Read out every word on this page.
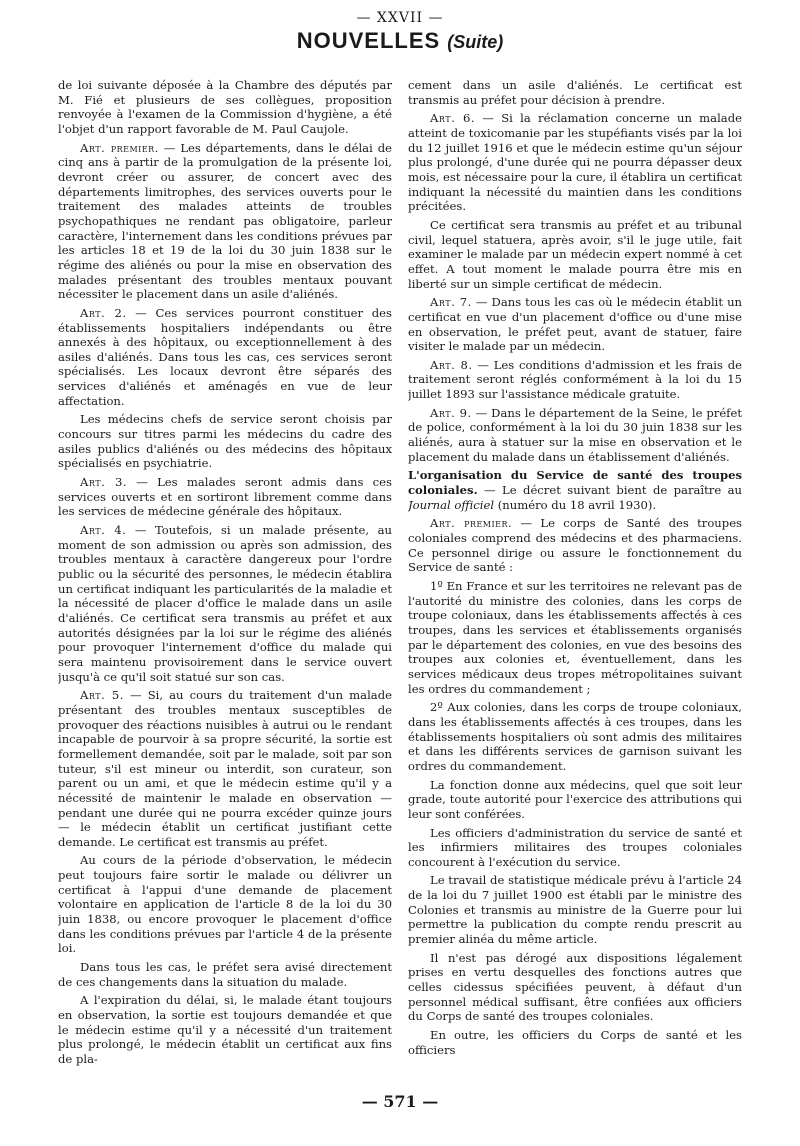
— XXVII —
NOUVELLES (Suite)

de loi suivante déposée à la Chambre des députés par M. Fié et plusieurs de ses collègues, proposition renvoyée à l'examen de la Commission d'hygiène, a été l'objet d'un rapport favorable de M. Paul Caujole.

Art. premier. — Les départements, dans le délai de cinq ans à partir de la promulgation de la présente loi, devront créer ou assurer, de concert avec des départements limitrophes, des services ouverts pour le traitement des malades atteints de troubles psychopathiques ne rendant pas obligatoire, parleur caractère, l'internement dans les conditions prévues par les articles 18 et 19 de la loi du 30 juin 1838 sur le régime des aliénés ou pour la mise en observation des malades présentant des troubles mentaux pouvant nécessiter le placement dans un asile d'aliénés.

Art. 2. — Ces services pourront constituer des établissements hospitaliers indépendants ou être annexés à des hôpitaux, ou exceptionnellement à des asiles d'aliénés. Dans tous les cas, ces services seront spécialisés. Les locaux devront être séparés des services d'aliénés et aménagés en vue de leur affectation.

Les médecins chefs de service seront choisis par concours sur titres parmi les médecins du cadre des asiles publics d'aliénés ou des médecins des hôpitaux spécialisés en psychiatrie.

Art. 3. — Les malades seront admis dans ces services ouverts et en sortiront librement comme dans les services de médecine générale des hôpitaux.

Art. 4. — Toutefois, si un malade présente, au moment de son admission ou après son admission, des troubles mentaux à caractère dangereux pour l'ordre public ou la sécurité des personnes, le médecin établira un certificat indiquant les particularités de la maladie et la nécessité de placer d'office le malade dans un asile d'aliénés. Ce certificat sera transmis au préfet et aux autorités désignées par la loi sur le régime des aliénés pour provoquer l'internement d'office du malade qui sera maintenu provisoirement dans le service ouvert jusqu'à ce qu'il soit statué sur son cas.

Art. 5. — Si, au cours du traitement d'un malade présentant des troubles mentaux susceptibles de provoquer des réactions nuisibles à autrui ou le rendant incapable de pourvoir à sa propre sécurité, la sortie est formellement demandée, soit par le malade, soit par son tuteur, s'il est mineur ou interdit, son curateur, son parent ou un ami, et que le médecin estime qu'il y a nécessité de maintenir le malade en observation — pendant une durée qui ne pourra excéder quinze jours — le médecin établit un certificat justifiant cette demande. Le certificat est transmis au préfet.

Au cours de la période d'observation, le médecin peut toujours faire sortir le malade ou délivrer un certificat à l'appui d'une demande de placement volontaire en application de l'article 8 de la loi du 30 juin 1838, ou encore provoquer le placement d'office dans les conditions prévues par l'article 4 de la présente loi.

Dans tous les cas, le préfet sera avisé directement de ces changements dans la situation du malade.

A l'expiration du délai, si, le malade étant toujours en observation, la sortie est toujours demandée et que le médecin estime qu'il y a nécessité d'un traitement plus prolongé, le médecin établit un certificat aux fins de pla-

cement dans un asile d'aliénés. Le certificat est transmis au préfet pour décision à prendre.

Art. 6. — Si la réclamation concerne un malade atteint de toxicomanie par les stupéfiants visés par la loi du 12 juillet 1916 et que le médecin estime qu'un séjour plus prolongé, d'une durée qui ne pourra dépasser deux mois, est nécessaire pour la cure, il établira un certificat indiquant la nécessité du maintien dans les conditions précitées.

Ce certificat sera transmis au préfet et au tribunal civil, lequel statuera, après avoir, s'il le juge utile, fait examiner le malade par un médecin expert nommé à cet effet. A tout moment le malade pourra être mis en liberté sur un simple certificat de médecin.

Art. 7. — Dans tous les cas où le médecin établit un certificat en vue d'un placement d'office ou d'une mise en observation, le préfet peut, avant de statuer, faire visiter le malade par un médecin.

Art. 8. — Les conditions d'admission et les frais de traitement seront réglés conformément à la loi du 15 juillet 1893 sur l'assistance médicale gratuite.

Art. 9. — Dans le département de la Seine, le préfet de police, conformément à la loi du 30 juin 1838 sur les aliénés, aura à statuer sur la mise en observation et le placement du malade dans un établissement d'aliénés.

L'organisation du Service de santé des troupes coloniales. — Le décret suivant bient de paraître au Journal officiel (numéro du 18 avril 1930).

Art. premier. — Le corps de Santé des troupes coloniales comprend des médecins et des pharmaciens. Ce personnel dirige ou assure le fonctionnement du Service de santé :

1º En France et sur les territoires ne relevant pas de l'autorité du ministre des colonies, dans les corps de troupe coloniaux, dans les établissements affectés à ces troupes, dans les services et établissements organisés par le département des colonies, en vue des besoins des troupes aux colonies et, éventuellement, dans les services médicaux deus tropes métropolitaines suivant les ordres du commandement ;

2º Aux colonies, dans les corps de troupe coloniaux, dans les établissements affectés à ces troupes, dans les établissements hospitaliers où sont admis des militaires et dans les différents services de garnison suivant les ordres du commandement.

La fonction donne aux médecins, quel que soit leur grade, toute autorité pour l'exercice des attributions qui leur sont conférées.

Les officiers d'administration du service de santé et les infirmiers militaires des troupes coloniales concourent à l'exécution du service.

Le travail de statistique médicale prévu à l'article 24 de la loi du 7 juillet 1900 est établi par le ministre des Colonies et transmis au ministre de la Guerre pour lui permettre la publication du compte rendu prescrit au premier alinéa du même article.

Il n'est pas dérogé aux dispositions légalement prises en vertu desquelles des fonctions autres que celles cidessus spécifiées peuvent, à défaut d'un personnel médical suffisant, être confiées aux officiers du Corps de santé des troupes coloniales.

En outre, les officiers du Corps de santé et les officiers

— 571 —
